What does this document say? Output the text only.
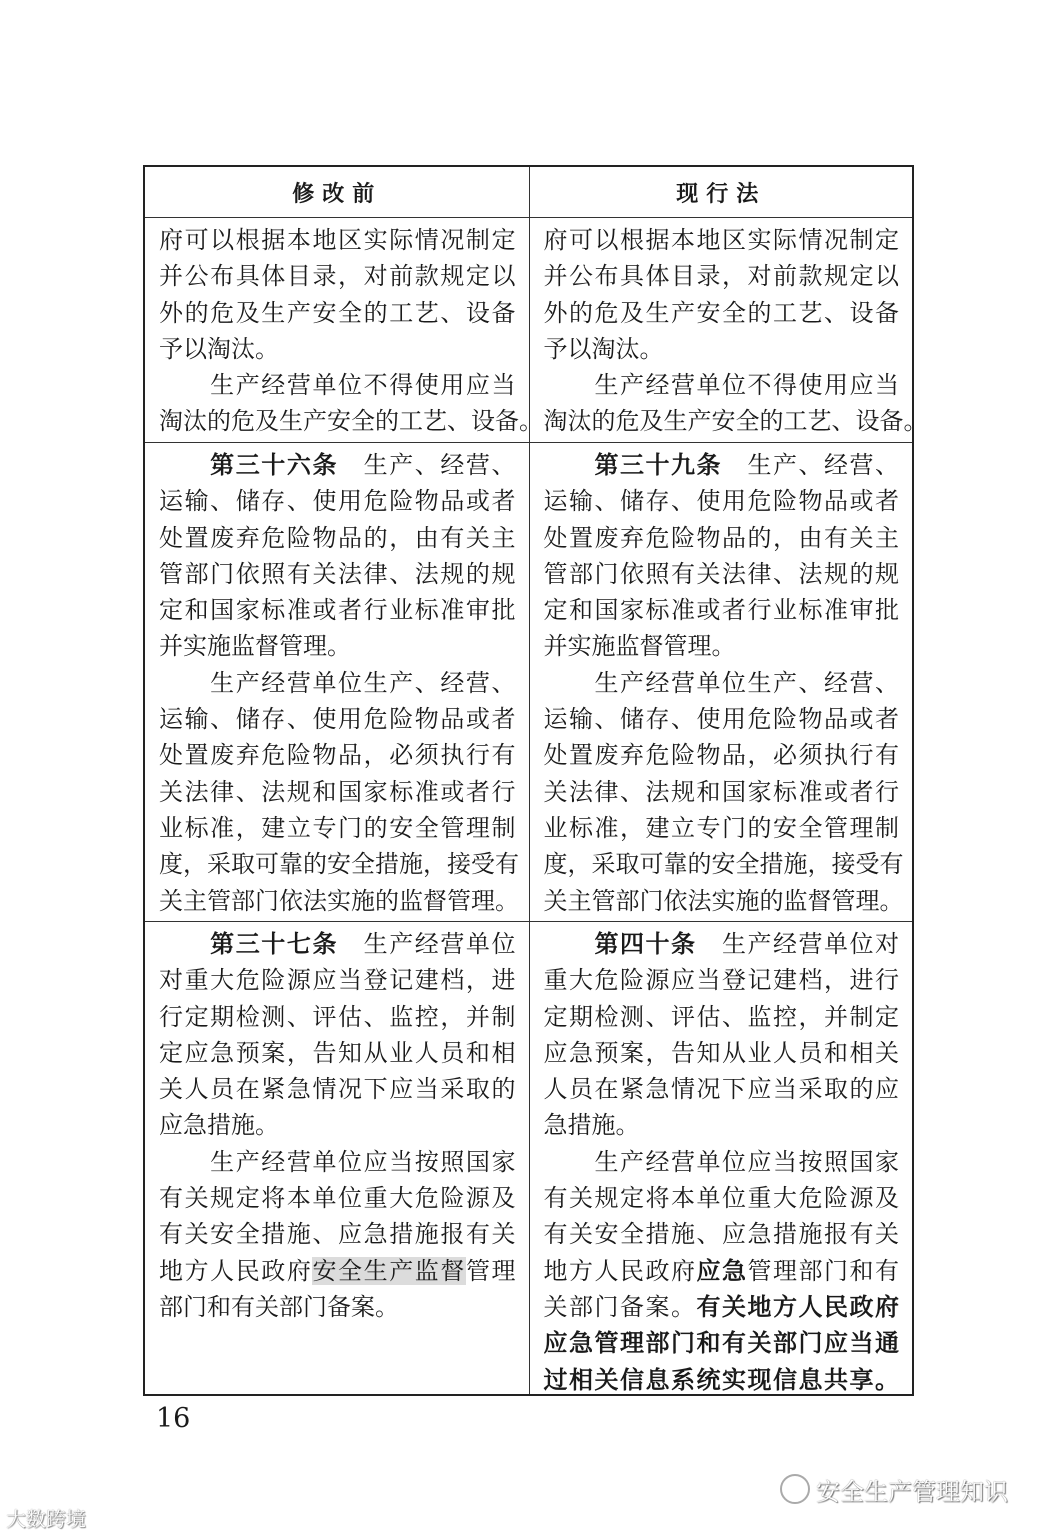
修改前	现行法
府可以根据本地区实际情况制定
并公布具体目录，对前款规定以
外的危及生产安全的工艺、设备
予以淘汰。
　　生产经营单位不得使用应当
淘汰的危及生产安全的工艺、设备。
府可以根据本地区实际情况制定
并公布具体目录，对前款规定以
外的危及生产安全的工艺、设备
予以淘汰。
　　生产经营单位不得使用应当
淘汰的危及生产安全的工艺、设备。
　　第三十六条　生产、经营、
运输、储存、使用危险物品或者
处置废弃危险物品的，由有关主
管部门依照有关法律、法规的规
定和国家标准或者行业标准审批
并实施监督管理。
　　生产经营单位生产、经营、
运输、储存、使用危险物品或者
处置废弃危险物品，必须执行有
关法律、法规和国家标准或者行
业标准，建立专门的安全管理制
度，采取可靠的安全措施，接受有
关主管部门依法实施的监督管理。
　　第三十九条　生产、经营、
运输、储存、使用危险物品或者
处置废弃危险物品的，由有关主
管部门依照有关法律、法规的规
定和国家标准或者行业标准审批
并实施监督管理。
　　生产经营单位生产、经营、
运输、储存、使用危险物品或者
处置废弃危险物品，必须执行有
关法律、法规和国家标准或者行
业标准，建立专门的安全管理制
度，采取可靠的安全措施，接受有
关主管部门依法实施的监督管理。
　　第三十七条　生产经营单位
对重大危险源应当登记建档，进
行定期检测、评估、监控，并制
定应急预案，告知从业人员和相
关人员在紧急情况下应当采取的
应急措施。
　　生产经营单位应当按照国家
有关规定将本单位重大危险源及
有关安全措施、应急措施报有关
地方人民政府安全生产监督管理
部门和有关部门备案。
　　第四十条　生产经营单位对
重大危险源应当登记建档，进行
定期检测、评估、监控，并制定
应急预案，告知从业人员和相关
人员在紧急情况下应当采取的应
急措施。
　　生产经营单位应当按照国家
有关规定将本单位重大危险源及
有关安全措施、应急措施报有关
地方人民政府应急管理部门和有
关部门备案。有关地方人民政府
应急管理部门和有关部门应当通
过相关信息系统实现信息共享。
16
安全生产管理知识
大数跨境
